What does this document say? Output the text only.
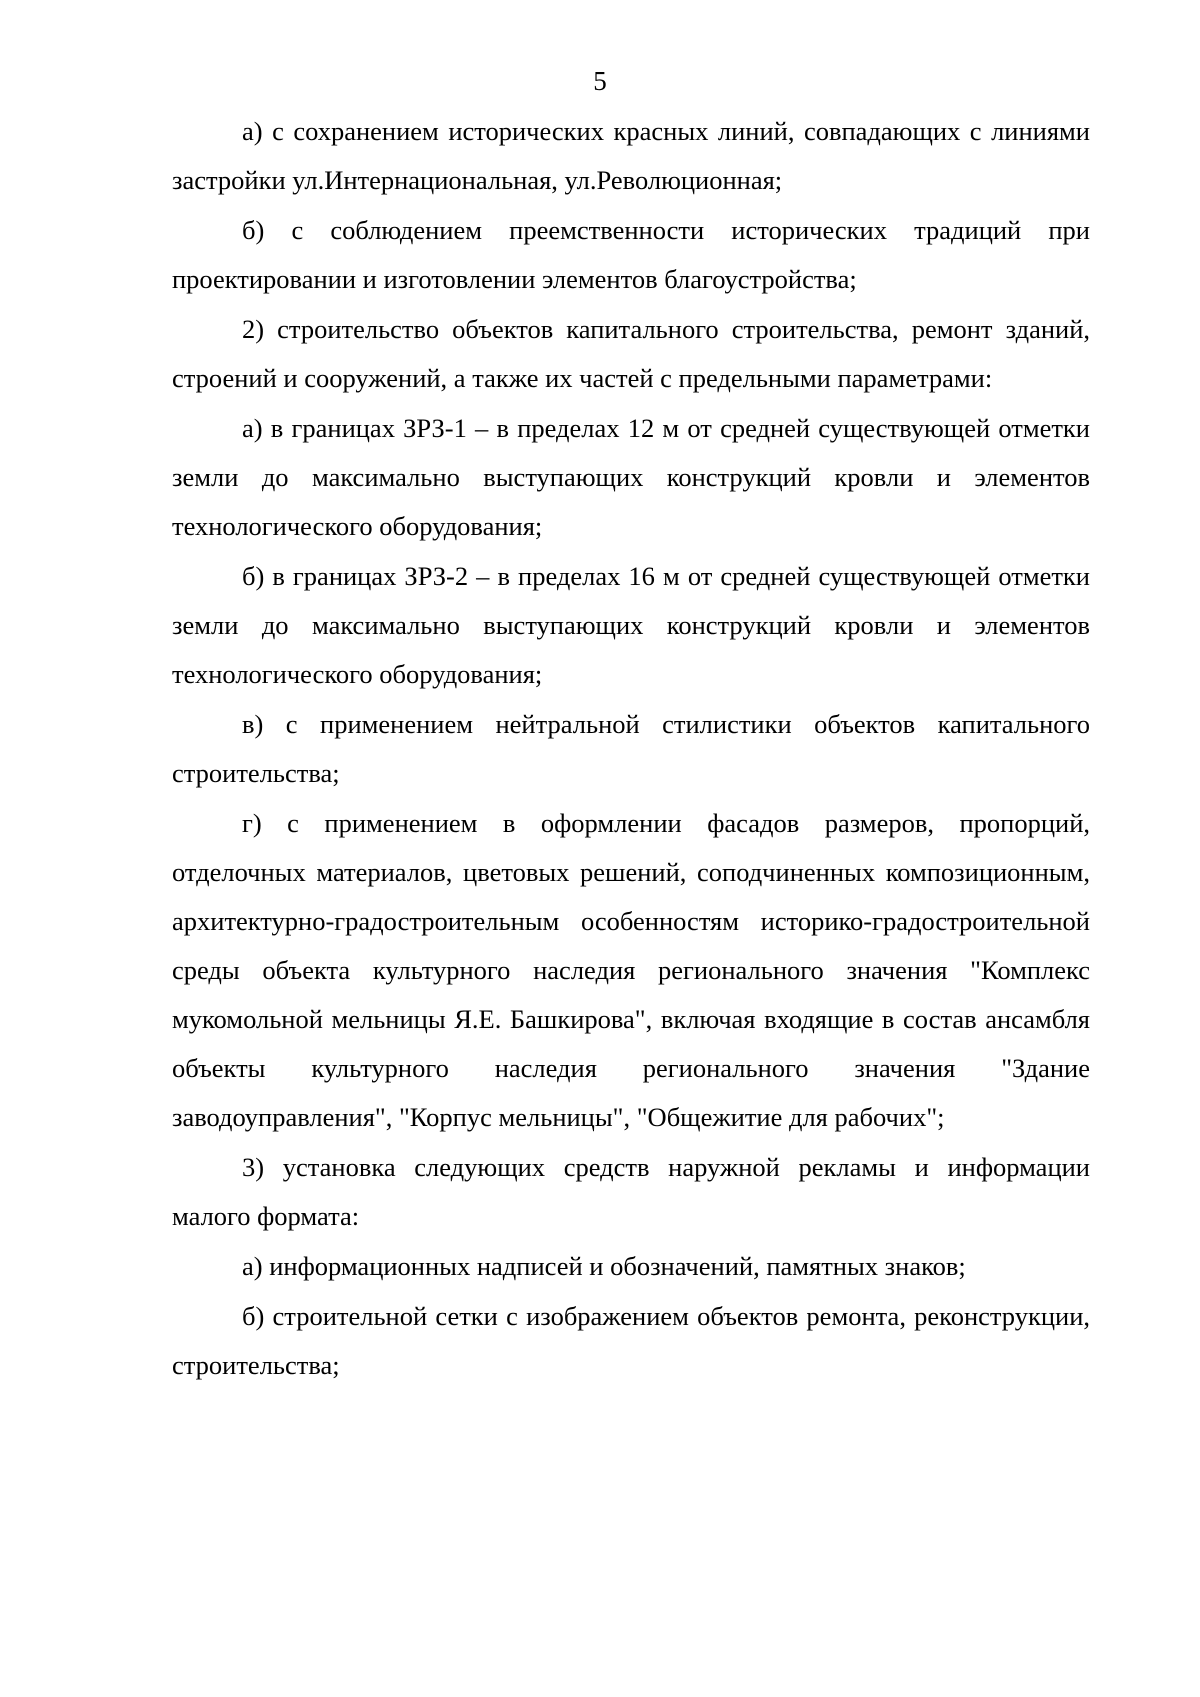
5

а) с сохранением исторических красных линий, совпадающих с линиями застройки ул.Интернациональная, ул.Революционная;

б) с соблюдением преемственности исторических традиций при проектировании и изготовлении элементов благоустройства;

2) строительство объектов капитального строительства, ремонт зданий, строений и сооружений, а также их частей с предельными параметрами:

а) в границах ЗРЗ-1 – в пределах 12 м от средней существующей отметки земли до максимально выступающих конструкций кровли и элементов технологического оборудования;

б) в границах ЗРЗ-2 – в пределах 16 м от средней существующей отметки земли до максимально выступающих конструкций кровли и элементов технологического оборудования;

в) с применением нейтральной стилистики объектов капитального строительства;

г) с применением в оформлении фасадов размеров, пропорций, отделочных материалов, цветовых решений, соподчиненных композиционным, архитектурно-градостроительным особенностям историко-градостроительной среды объекта культурного наследия регионального значения "Комплекс мукомольной мельницы Я.Е. Башкирова", включая входящие в состав ансамбля объекты культурного наследия регионального значения "Здание заводоуправления", "Корпус мельницы", "Общежитие для рабочих";

3) установка следующих средств наружной рекламы и информации малого формата:

а) информационных надписей и обозначений, памятных знаков;

б) строительной сетки с изображением объектов ремонта, реконструкции, строительства;
